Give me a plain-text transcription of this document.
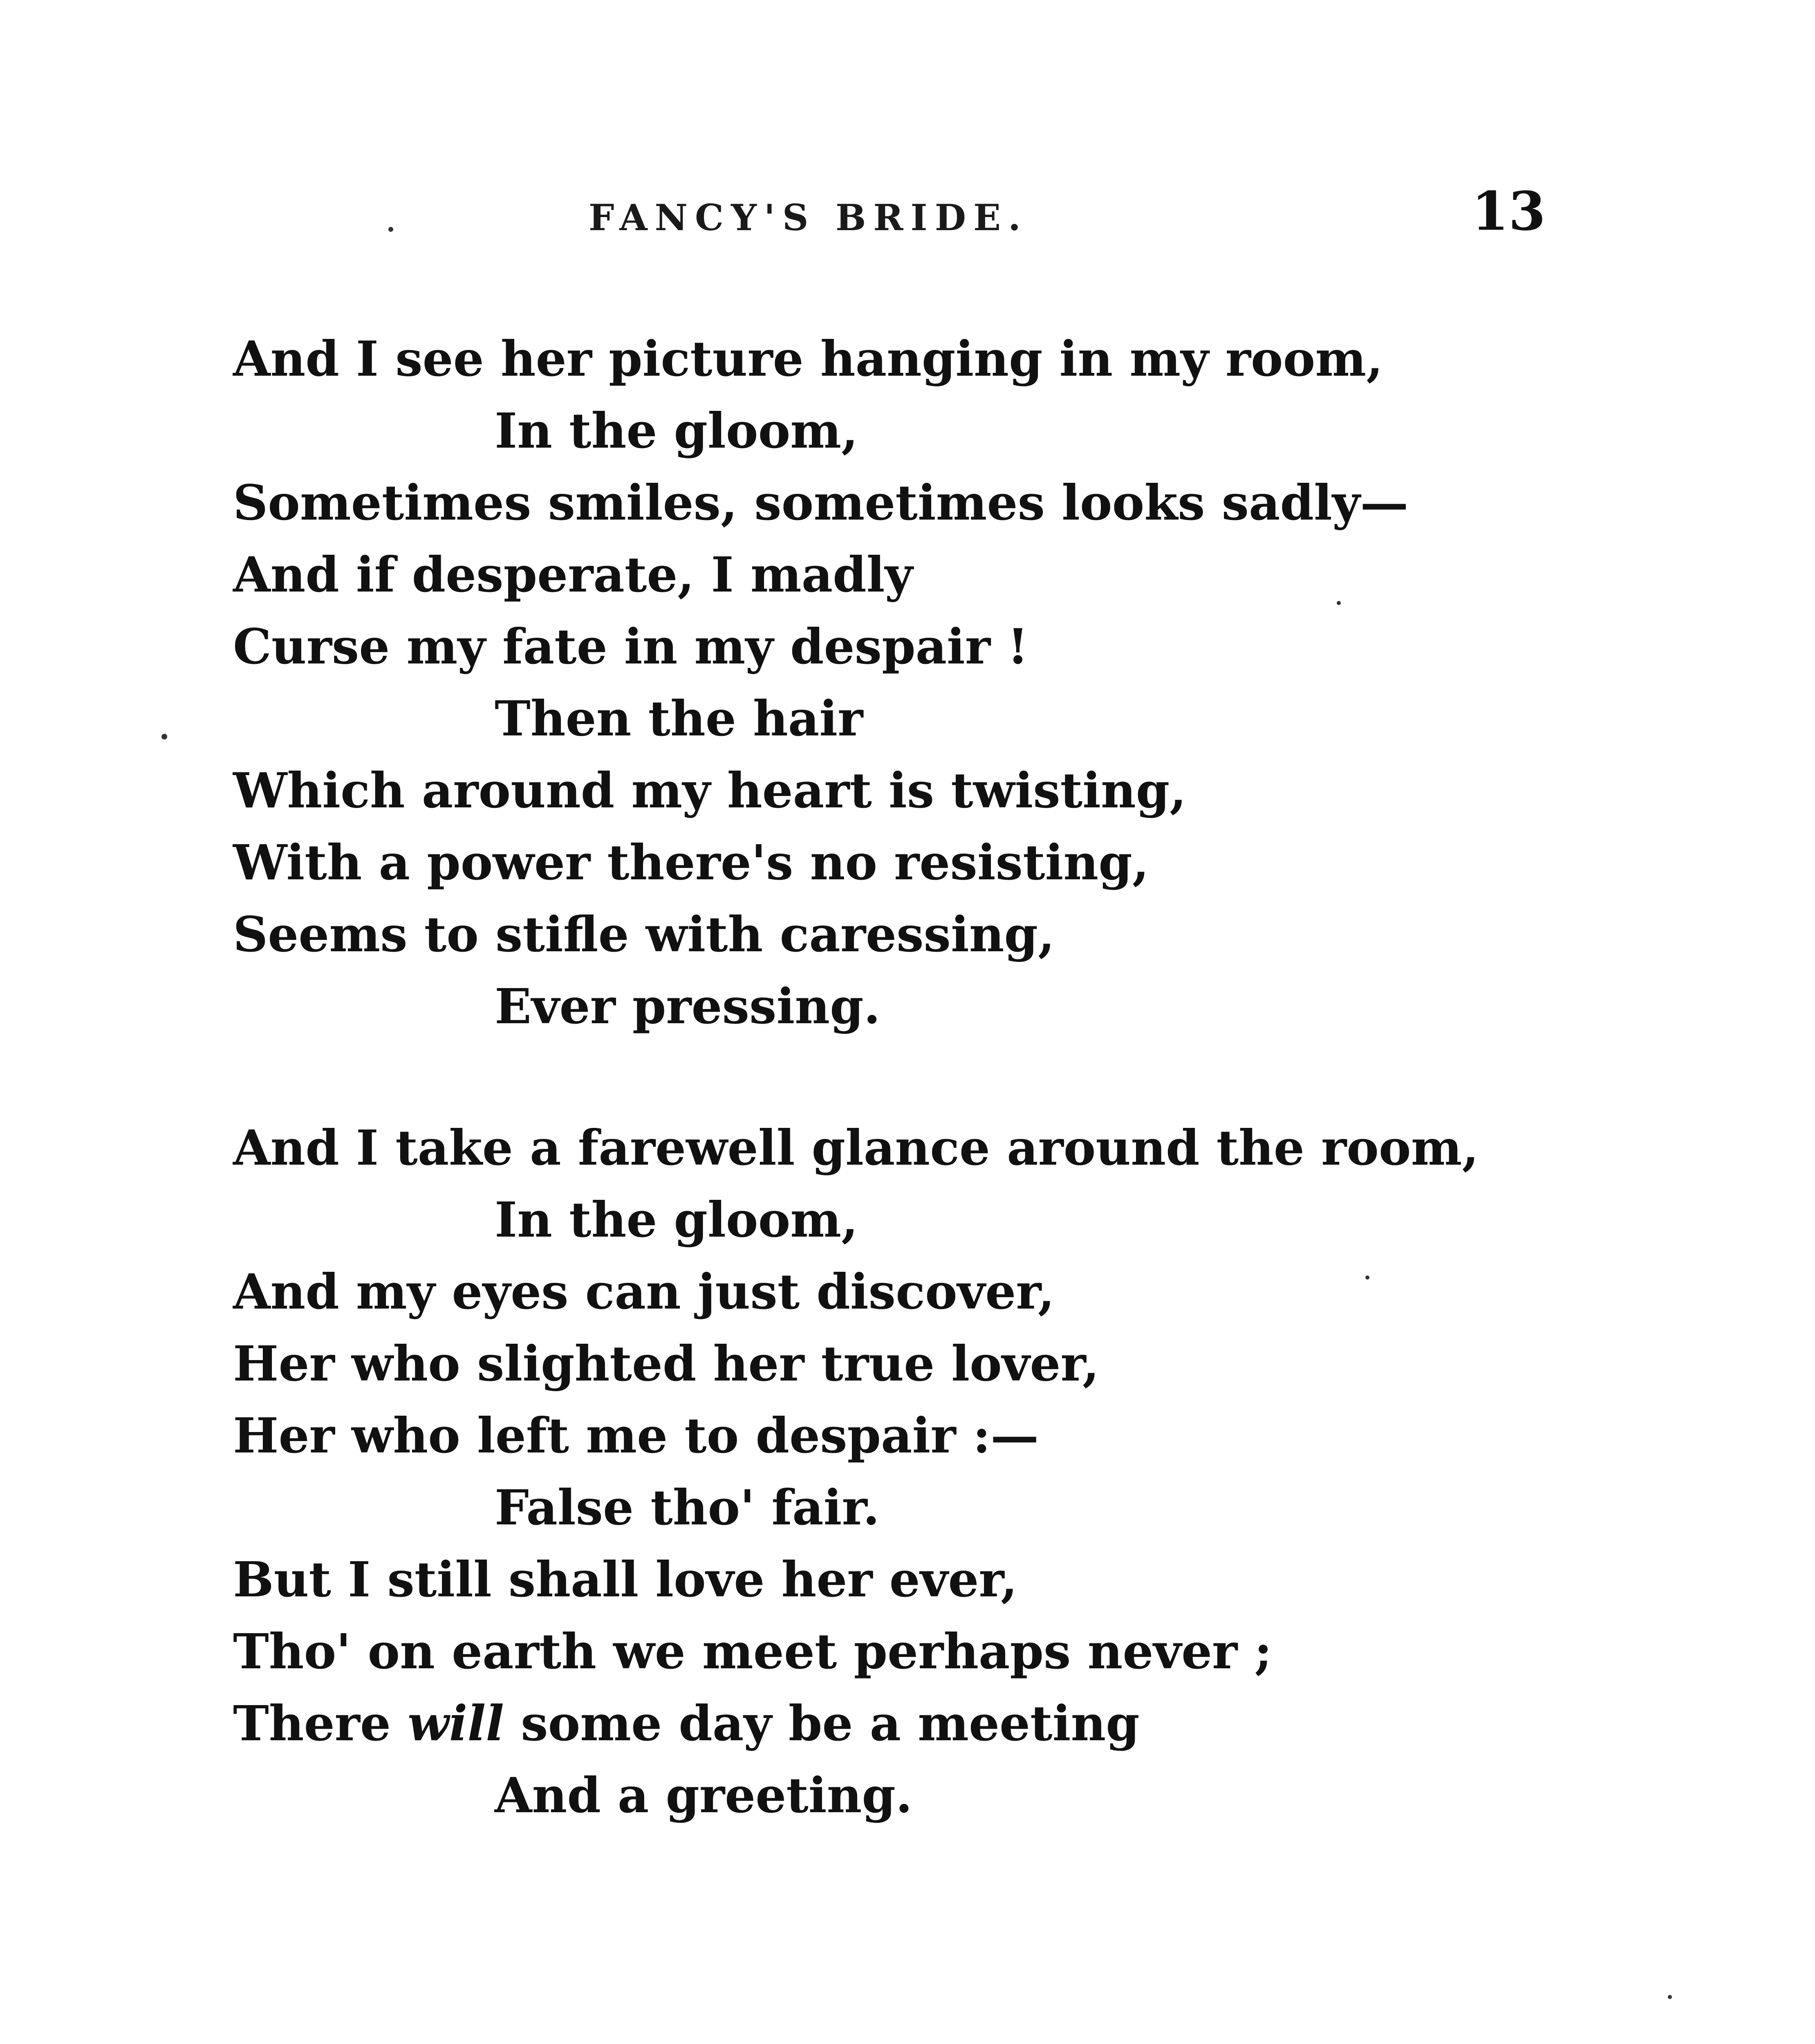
FANCY'S BRIDE.	13
And I see her picture hanging in my room,
In the gloom,
Sometimes smiles, sometimes looks sadly—
And if desperate, I madly
Curse my fate in my despair !
Then the hair
Which around my heart is twisting,
With a power there's no resisting,
Seems to stifle with caressing,
Ever pressing.
And I take a farewell glance around the room,
In the gloom,
And my eyes can just discover,
Her who slighted her true lover,
Her who left me to despair :—
False tho' fair.
But I still shall love her ever,
Tho' on earth we meet perhaps never ;
There will some day be a meeting
And a greeting.
